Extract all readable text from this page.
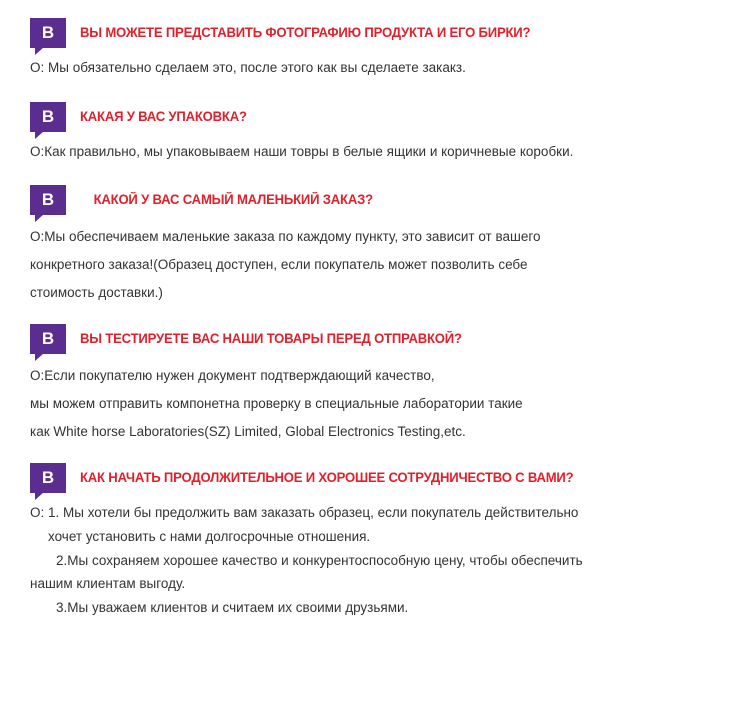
B	ВЫ МОЖЕТЕ ПРЕДСТАВИТЬ ФОТОГРАФИЮ ПРОДУКТА И ЕГО БИРКИ?

О: Мы обязательно сделаем это, после этого как вы сделаете закакз.

B	КАКАЯ У ВАС УПАКОВКА?

О:Как правильно, мы упаковываем наши товры в белые ящики и коричневые коробки.

B	КАКОЙ У ВАС САМЫЙ МАЛЕНЬКИЙ ЗАКАЗ?

О:Мы обеспечиваем маленькие заказа по каждому пункту, это зависит от вашего

конкретного заказа!(Образец доступен, если покупатель может позволить себе

стоимость доставки.)

B	ВЫ ТЕСТИРУЕТЕ ВАС НАШИ ТОВАРЫ ПЕРЕД ОТПРАВКОЙ?

О:Если покупателю нужен документ подтверждающий качество,

мы можем отправить компонетна проверку в специальные лаборатории такие

как White horse Laboratories(SZ) Limited, Global Electronics Testing,etc.

B	КАК НАЧАТЬ ПРОДОЛЖИТЕЛЬНОЕ И ХОРОШЕЕ СОТРУДНИЧЕСТВО С ВАМИ?

О: 1. Мы хотели бы предолжить вам заказать образец, если покупатель действительно

хочет установить с нами долгосрочные отношения.

2.Мы сохраняем хорошее качество и конкурентоспособную цену, чтобы обеспечить

нашим клиентам выгоду.

3.Мы уважаем клиентов и считаем их своими друзьями.
